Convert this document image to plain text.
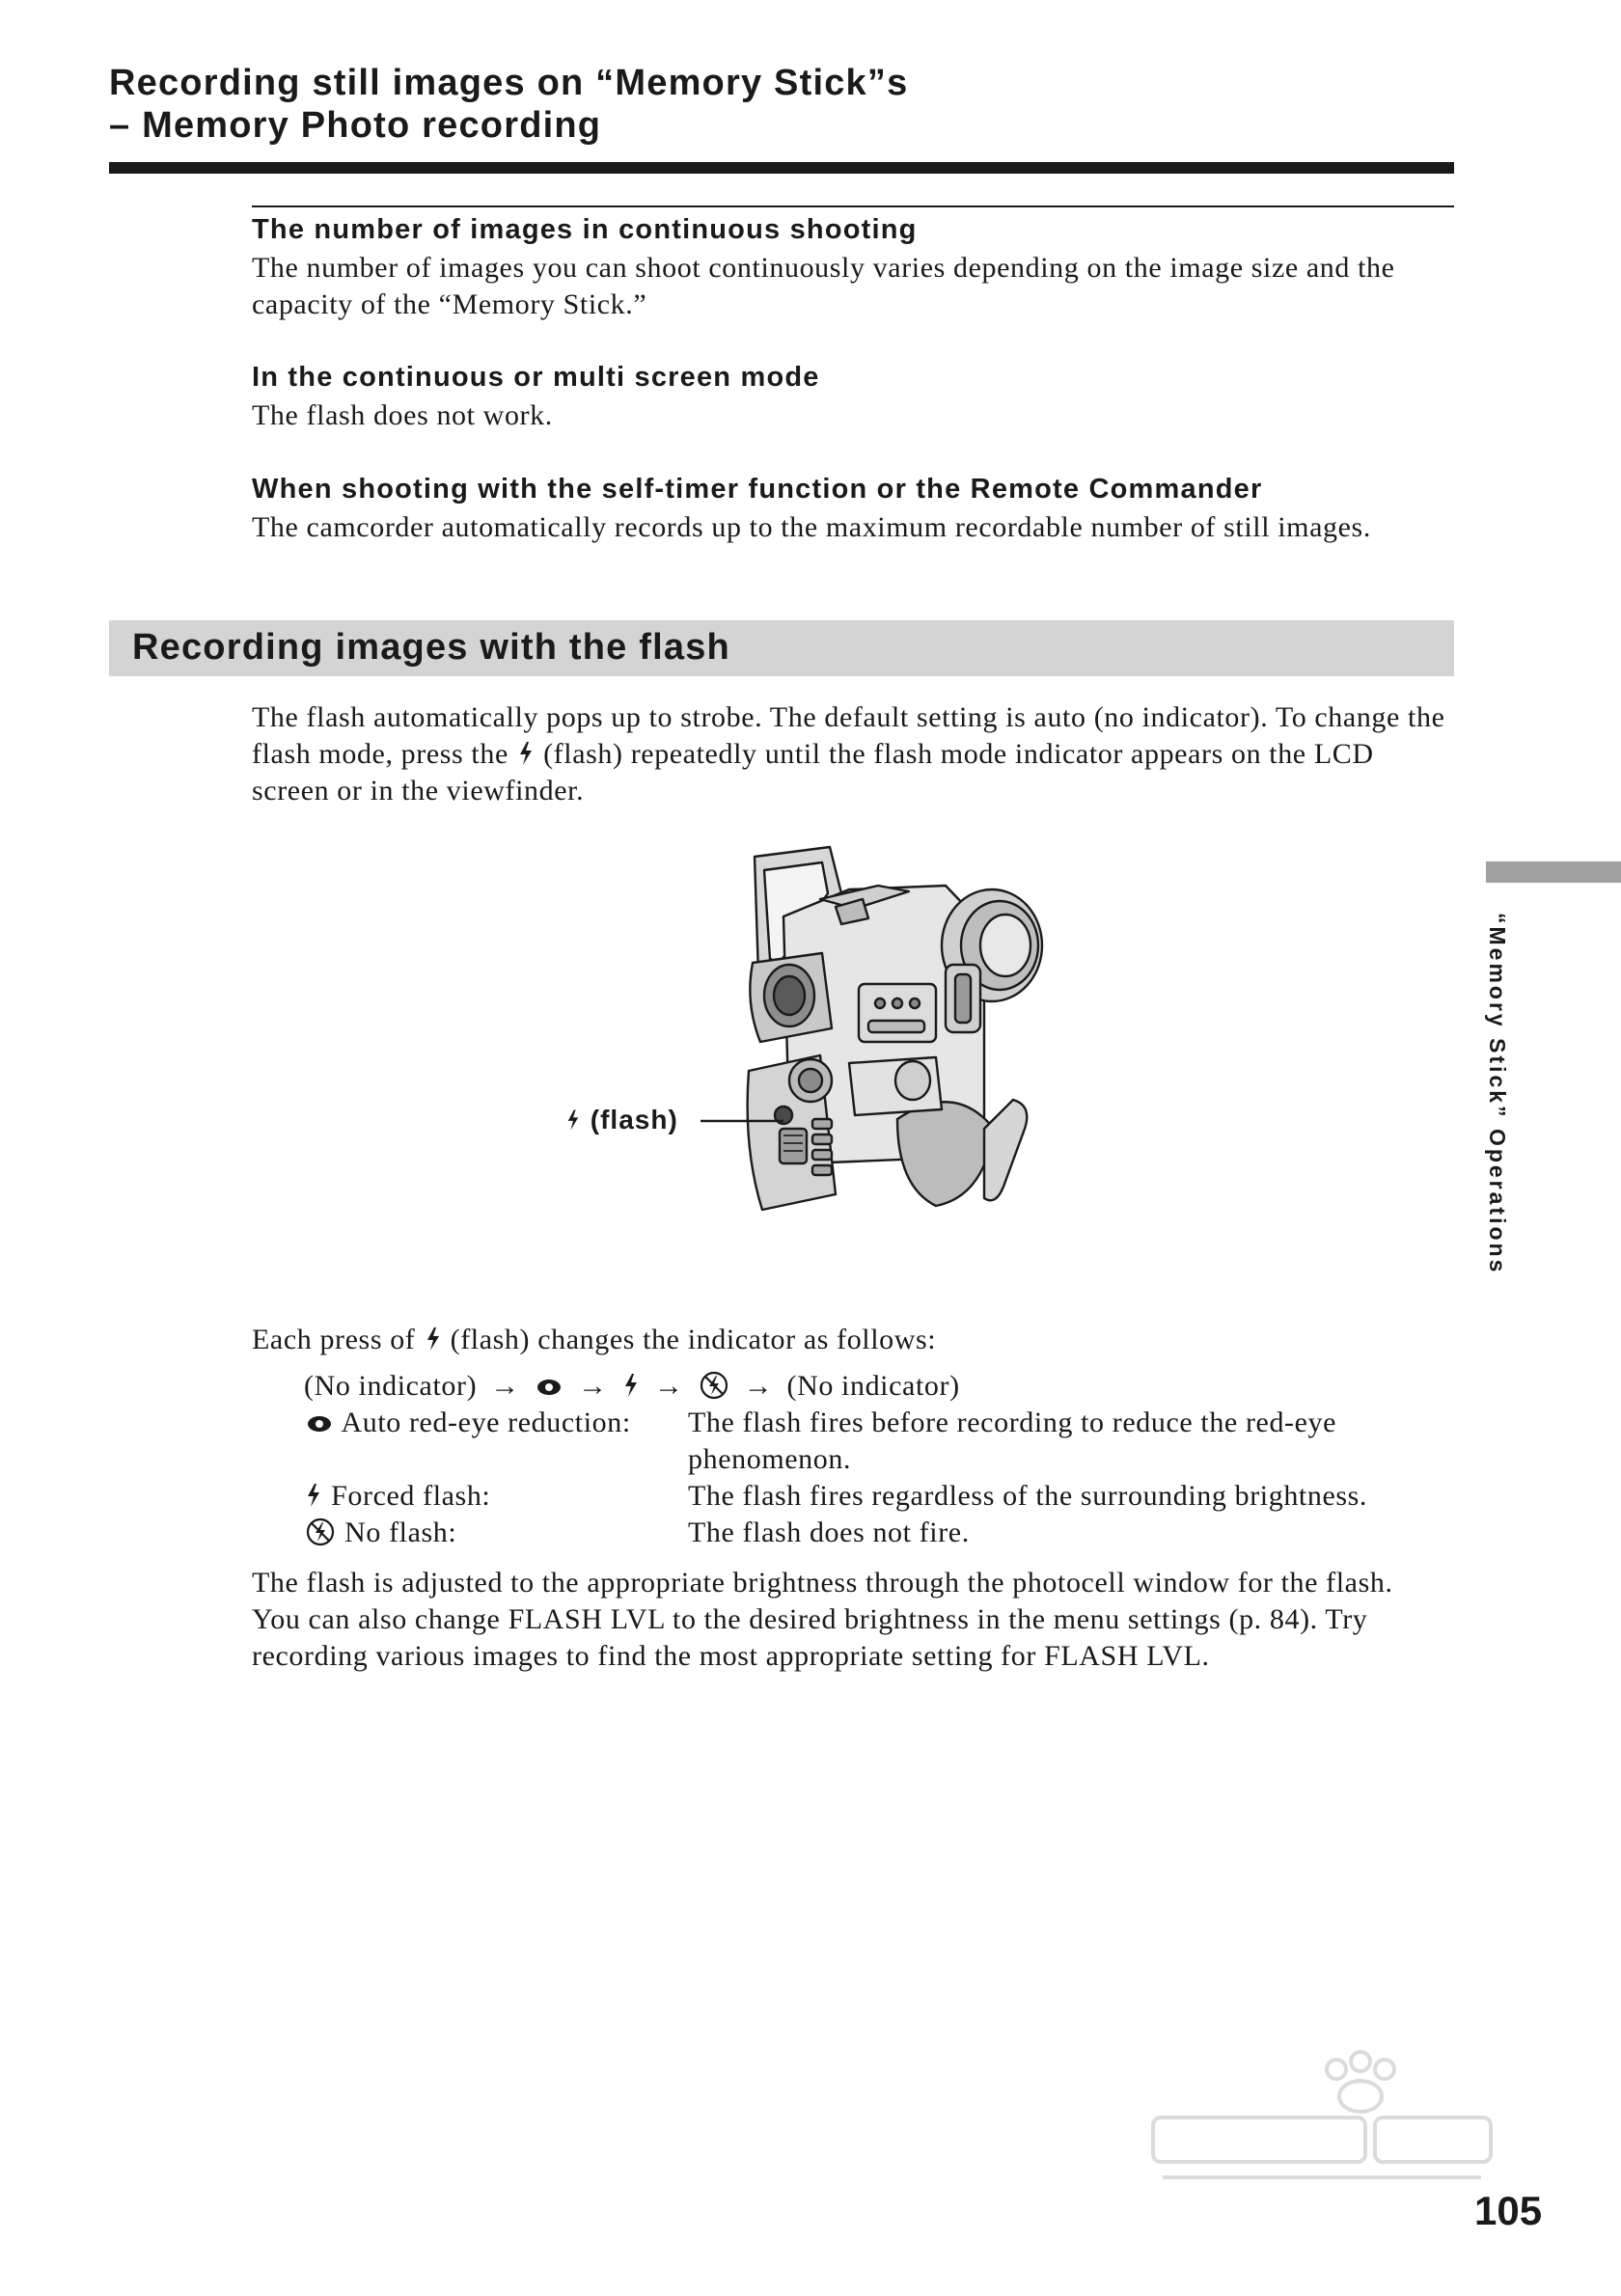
Recording still images on “Memory Stick”s
– Memory Photo recording
The number of images in continuous shooting
The number of images you can shoot continuously varies depending on the image size and the capacity of the “Memory Stick.”
In the continuous or multi screen mode
The flash does not work.
When shooting with the self-timer function or the Remote Commander
The camcorder automatically records up to the maximum recordable number of still images.
Recording images with the flash
The flash automatically pops up to strobe. The default setting is auto (no indicator). To change the flash mode, press the (flash) repeatedly until the flash mode indicator appears on the LCD screen or in the viewfinder.
(flash)
Each press of (flash) changes the indicator as follows:
(No indicator) → → → → (No indicator)
Auto red-eye reduction: The flash fires before recording to reduce the red-eye phenomenon.
Forced flash:	The flash fires regardless of the surrounding brightness.
No flash:	The flash does not fire.
The flash is adjusted to the appropriate brightness through the photocell window for the flash. You can also change FLASH LVL to the desired brightness in the menu settings (p. 84). Try recording various images to find the most appropriate setting for FLASH LVL.
“Memory Stick” Operations
105
